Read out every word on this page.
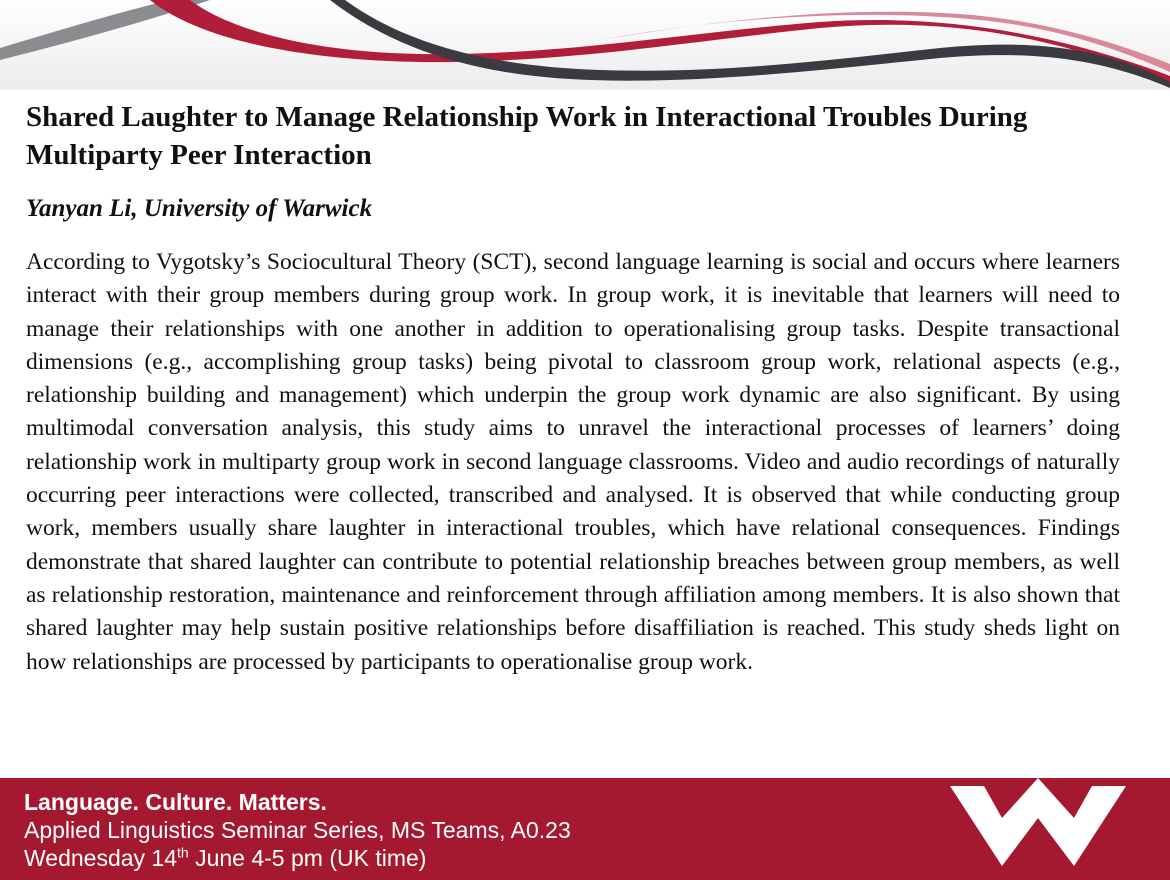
Shared Laughter to Manage Relationship Work in Interactional Troubles During Multiparty Peer Interaction

Yanyan Li, University of Warwick

According to Vygotsky’s Sociocultural Theory (SCT), second language learning is social and occurs where learners interact with their group members during group work. In group work, it is inevitable that learners will need to manage their relationships with one another in addition to operationalising group tasks. Despite transactional dimensions (e.g., accomplishing group tasks) being pivotal to classroom group work, relational aspects (e.g., relationship building and management) which underpin the group work dynamic are also significant. By using multimodal conversation analysis, this study aims to unravel the interactional processes of learners’ doing relationship work in multiparty group work in second language classrooms. Video and audio recordings of naturally occurring peer interactions were collected, transcribed and analysed. It is observed that while conducting group work, members usually share laughter in interactional troubles, which have relational consequences. Findings demonstrate that shared laughter can contribute to potential relationship breaches between group members, as well as relationship restoration, maintenance and reinforcement through affiliation among members. It is also shown that shared laughter may help sustain positive relationships before disaffiliation is reached. This study sheds light on how relationships are processed by participants to operationalise group work.

Language. Culture. Matters.
Applied Linguistics Seminar Series, MS Teams, A0.23
Wednesday 14th June 4-5 pm (UK time)
